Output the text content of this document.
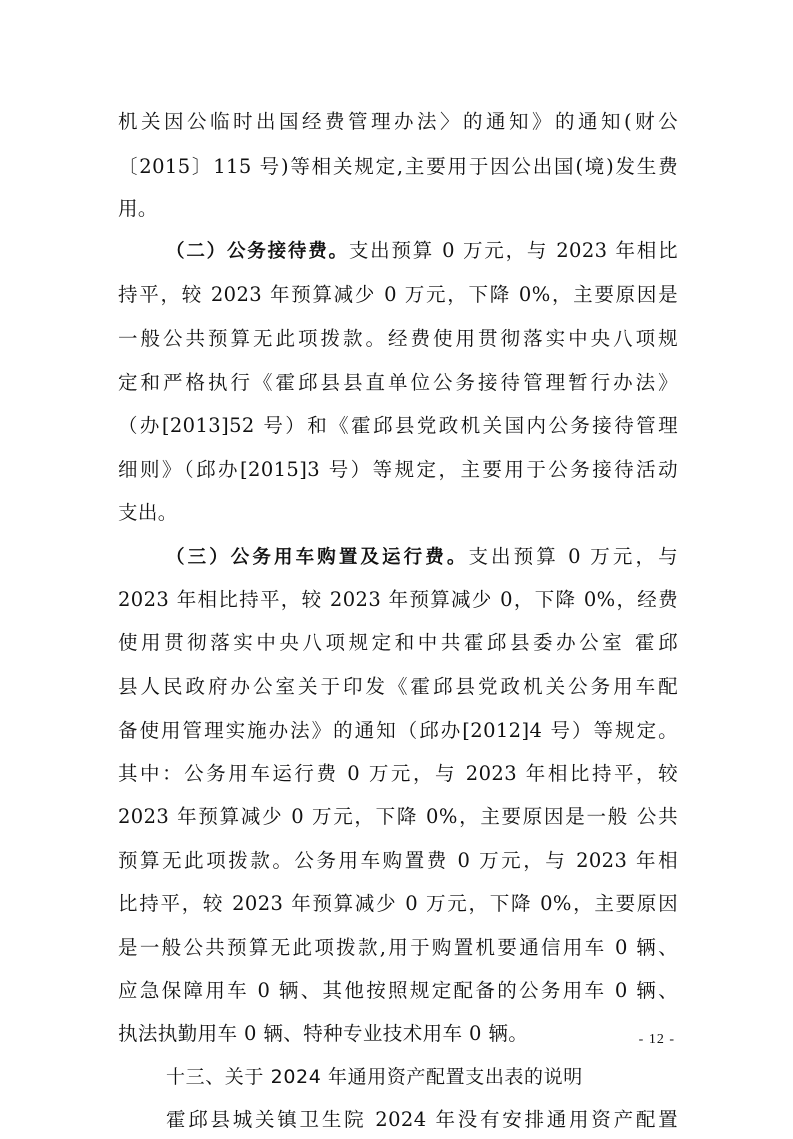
机关因公临时出国经费管理办法〉的通知》的通知(财公
〔2015〕115 号)等相关规定,主要用于因公出国(境)发生费
用。
（二）公务接待费。支出预算 0 万元，与 2023 年相比
持平，较 2023 年预算减少 0 万元，下降 0%，主要原因是
一般公共预算无此项拨款。经费使用贯彻落实中央八项规
定和严格执行《霍邱县县直单位公务接待管理暂行办法》
（办[2013]52 号）和《霍邱县党政机关国内公务接待管理
细则》（邱办[2015]3 号）等规定，主要用于公务接待活动
支出。
（三）公务用车购置及运行费。支出预算 0 万元，与
2023 年相比持平，较 2023 年预算减少 0，下降 0%，经费
使用贯彻落实中央八项规定和中共霍邱县委办公室 霍邱
县人民政府办公室关于印发《霍邱县党政机关公务用车配
备使用管理实施办法》的通知（邱办[2012]4 号）等规定。
其中：公务用车运行费 0 万元，与 2023 年相比持平，较
2023 年预算减少 0 万元，下降 0%，主要原因是一般 公共
预算无此项拨款。公务用车购置费 0 万元，与 2023 年相
比持平，较 2023 年预算减少 0 万元，下降 0%，主要原因
是一般公共预算无此项拨款,用于购置机要通信用车 0 辆、
应急保障用车 0 辆、其他按照规定配备的公务用车 0 辆、
执法执勤用车 0 辆、特种专业技术用车 0 辆。
十三、关于 2024 年通用资产配置支出表的说明
霍邱县城关镇卫生院 2024 年没有安排通用资产配置
- 12 -
